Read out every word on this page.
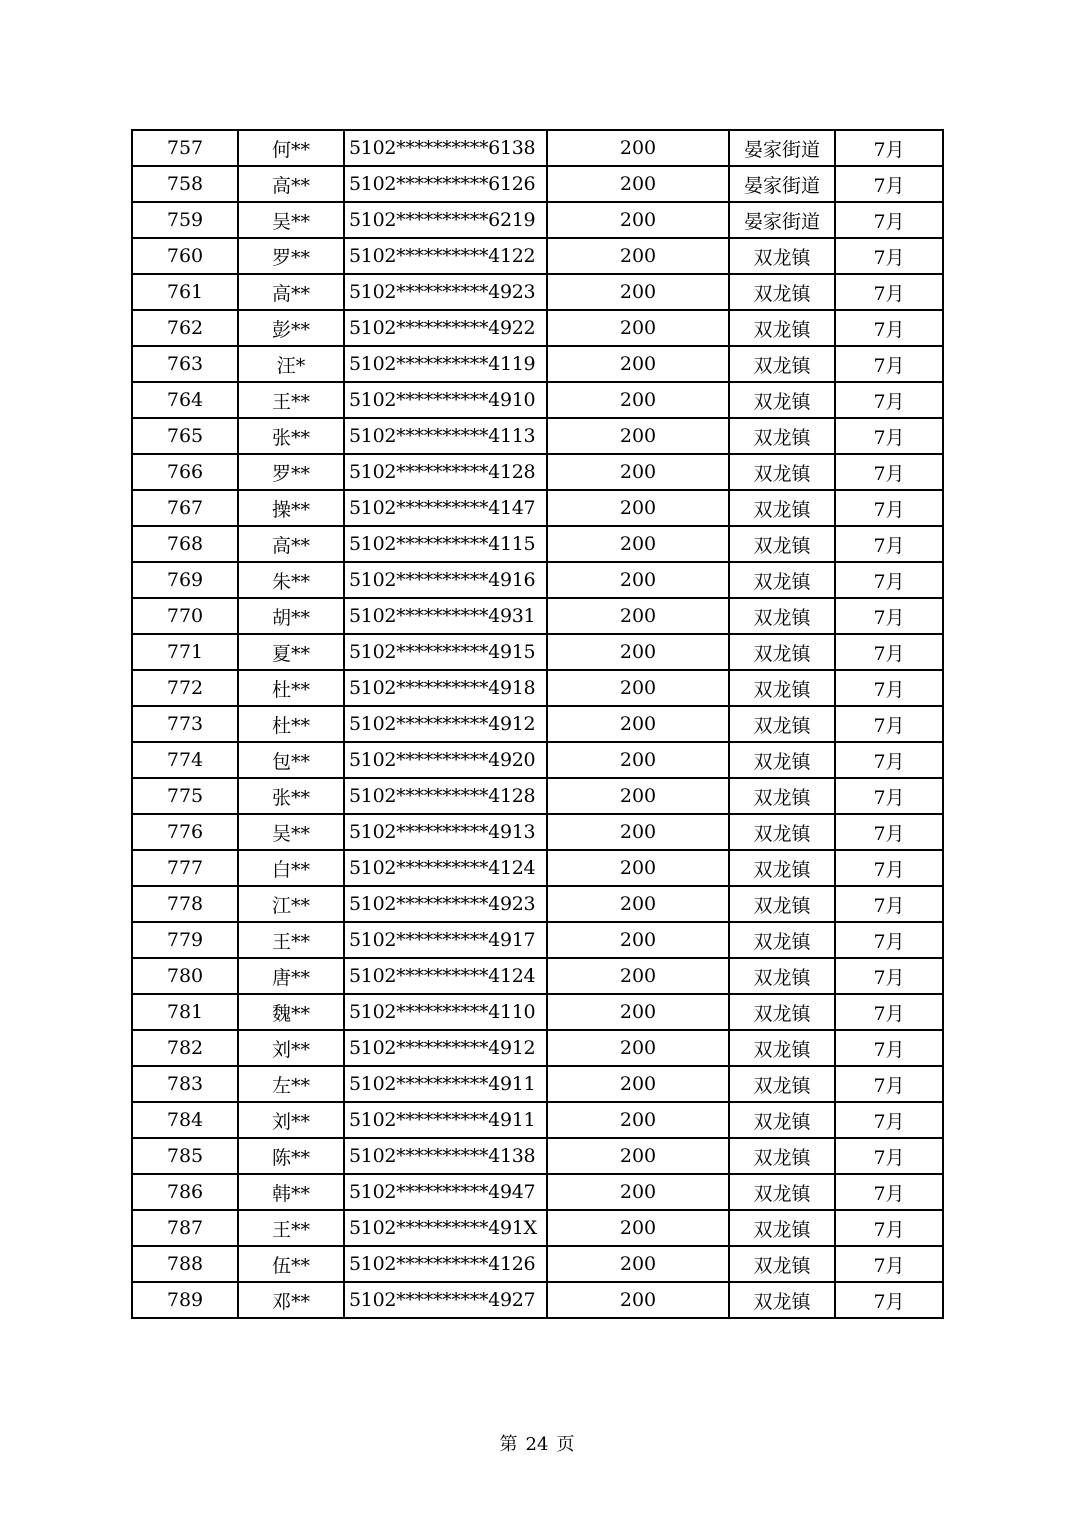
757	何**	5102**********6138	200	晏家街道	7月
758	高**	5102**********6126	200	晏家街道	7月
759	吴**	5102**********6219	200	晏家街道	7月
760	罗**	5102**********4122	200	双龙镇	7月
761	高**	5102**********4923	200	双龙镇	7月
762	彭**	5102**********4922	200	双龙镇	7月
763	汪*	5102**********4119	200	双龙镇	7月
764	王**	5102**********4910	200	双龙镇	7月
765	张**	5102**********4113	200	双龙镇	7月
766	罗**	5102**********4128	200	双龙镇	7月
767	操**	5102**********4147	200	双龙镇	7月
768	高**	5102**********4115	200	双龙镇	7月
769	朱**	5102**********4916	200	双龙镇	7月
770	胡**	5102**********4931	200	双龙镇	7月
771	夏**	5102**********4915	200	双龙镇	7月
772	杜**	5102**********4918	200	双龙镇	7月
773	杜**	5102**********4912	200	双龙镇	7月
774	包**	5102**********4920	200	双龙镇	7月
775	张**	5102**********4128	200	双龙镇	7月
776	吴**	5102**********4913	200	双龙镇	7月
777	白**	5102**********4124	200	双龙镇	7月
778	江**	5102**********4923	200	双龙镇	7月
779	王**	5102**********4917	200	双龙镇	7月
780	唐**	5102**********4124	200	双龙镇	7月
781	魏**	5102**********4110	200	双龙镇	7月
782	刘**	5102**********4912	200	双龙镇	7月
783	左**	5102**********4911	200	双龙镇	7月
784	刘**	5102**********4911	200	双龙镇	7月
785	陈**	5102**********4138	200	双龙镇	7月
786	韩**	5102**********4947	200	双龙镇	7月
787	王**	5102**********491X	200	双龙镇	7月
788	伍**	5102**********4126	200	双龙镇	7月
789	邓**	5102**********4927	200	双龙镇	7月
第 24 页
